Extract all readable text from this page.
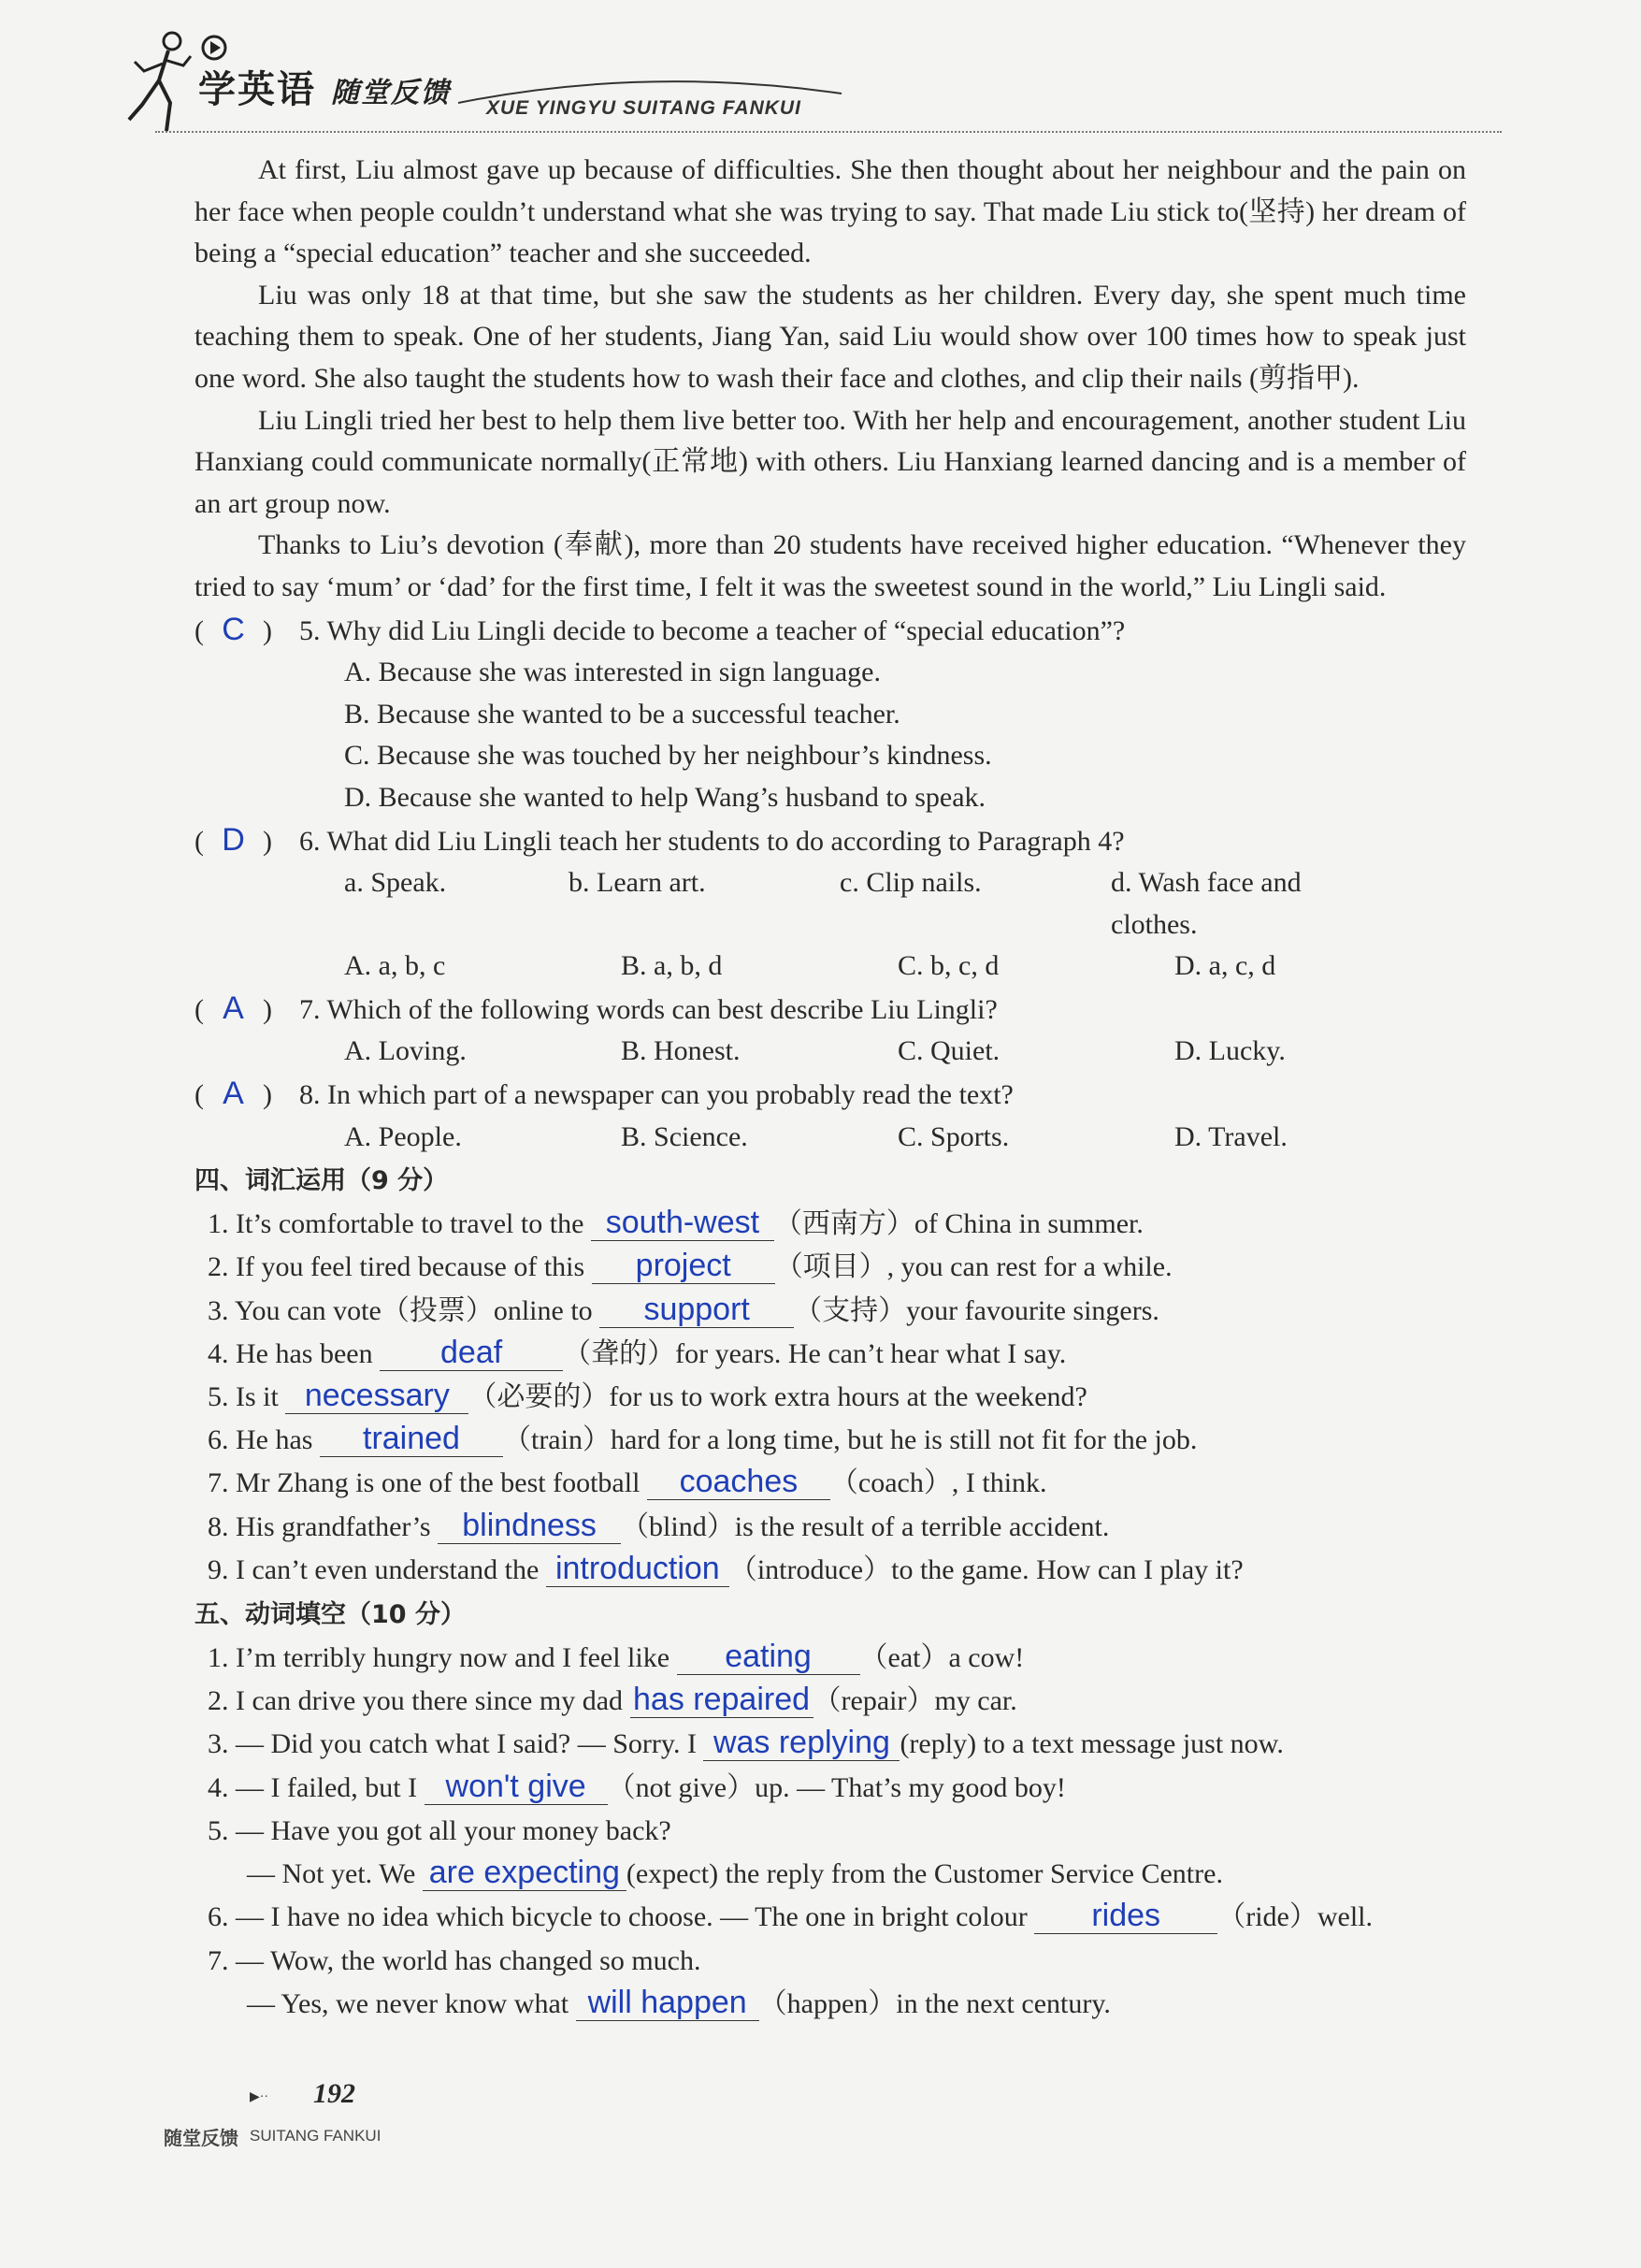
学英语 随堂反馈 XUE YINGYU SUITANG FANKUI

At first, Liu almost gave up because of difficulties. She then thought about her neighbour and the pain on her face when people couldn’t understand what she was trying to say. That made Liu stick to(坚持) her dream of being a “special education” teacher and she succeeded.

Liu was only 18 at that time, but she saw the students as her children. Every day, she spent much time teaching them to speak. One of her students, Jiang Yan, said Liu would show over 100 times how to speak just one word. She also taught the students how to wash their face and clothes, and clip their nails (剪指甲).

Liu Lingli tried her best to help them live better too. With her help and encouragement, another student Liu Hanxiang could communicate normally(正常地) with others. Liu Hanxiang learned dancing and is a member of an art group now.

Thanks to Liu’s devotion (奉献), more than 20 students have received higher education. “Whenever they tried to say ‘mum’ or ‘dad’ for the first time, I felt it was the sweetest sound in the world,” Liu Lingli said.

( C ) 5. Why did Liu Lingli decide to become a teacher of “special education”?
A. Because she was interested in sign language.
B. Because she wanted to be a successful teacher.
C. Because she was touched by her neighbour’s kindness.
D. Because she wanted to help Wang’s husband to speak.
( D ) 6. What did Liu Lingli teach her students to do according to Paragraph 4?
a. Speak.	b. Learn art.	c. Clip nails.	d. Wash face and clothes.
A. a, b, c	B. a, b, d	C. b, c, d	D. a, c, d
( A ) 7. Which of the following words can best describe Liu Lingli?
A. Loving.	B. Honest.	C. Quiet.	D. Lucky.
( A ) 8. In which part of a newspaper can you probably read the text?
A. People.	B. Science.	C. Sports.	D. Travel.
四、词汇运用（9 分）
1. It’s comfortable to travel to the south-west （西南方）of China in summer.
2. If you feel tired because of this project （项目）, you can rest for a while.
3. You can vote（投票）online to support （支持）your favourite singers.
4. He has been deaf （聋的）for years. He can’t hear what I say.
5. Is it necessary （必要的）for us to work extra hours at the weekend?
6. He has trained （train）hard for a long time, but he is still not fit for the job.
7. Mr Zhang is one of the best football coaches （coach）, I think.
8. His grandfather’s blindness （blind）is the result of a terrible accident.
9. I can’t even understand the introduction （introduce）to the game. How can I play it?
五、动词填空（10 分）
1. I’m terribly hungry now and I feel like eating （eat）a cow!
2. I can drive you there since my dad has repaired （repair）my car.
3. — Did you catch what I said? — Sorry. I was replying (reply) to a text message just now.
4. — I failed, but I won't give （not give）up. — That’s my good boy!
5. — Have you got all your money back?
— Not yet. We are expecting (expect) the reply from the Customer Service Centre.
6. — I have no idea which bicycle to choose. — The one in bright colour rides （ride）well.
7. — Wow, the world has changed so much.
— Yes, we never know what will happen （happen）in the next century.
▶·· 192
随堂反馈 SUITANG FANKUI
